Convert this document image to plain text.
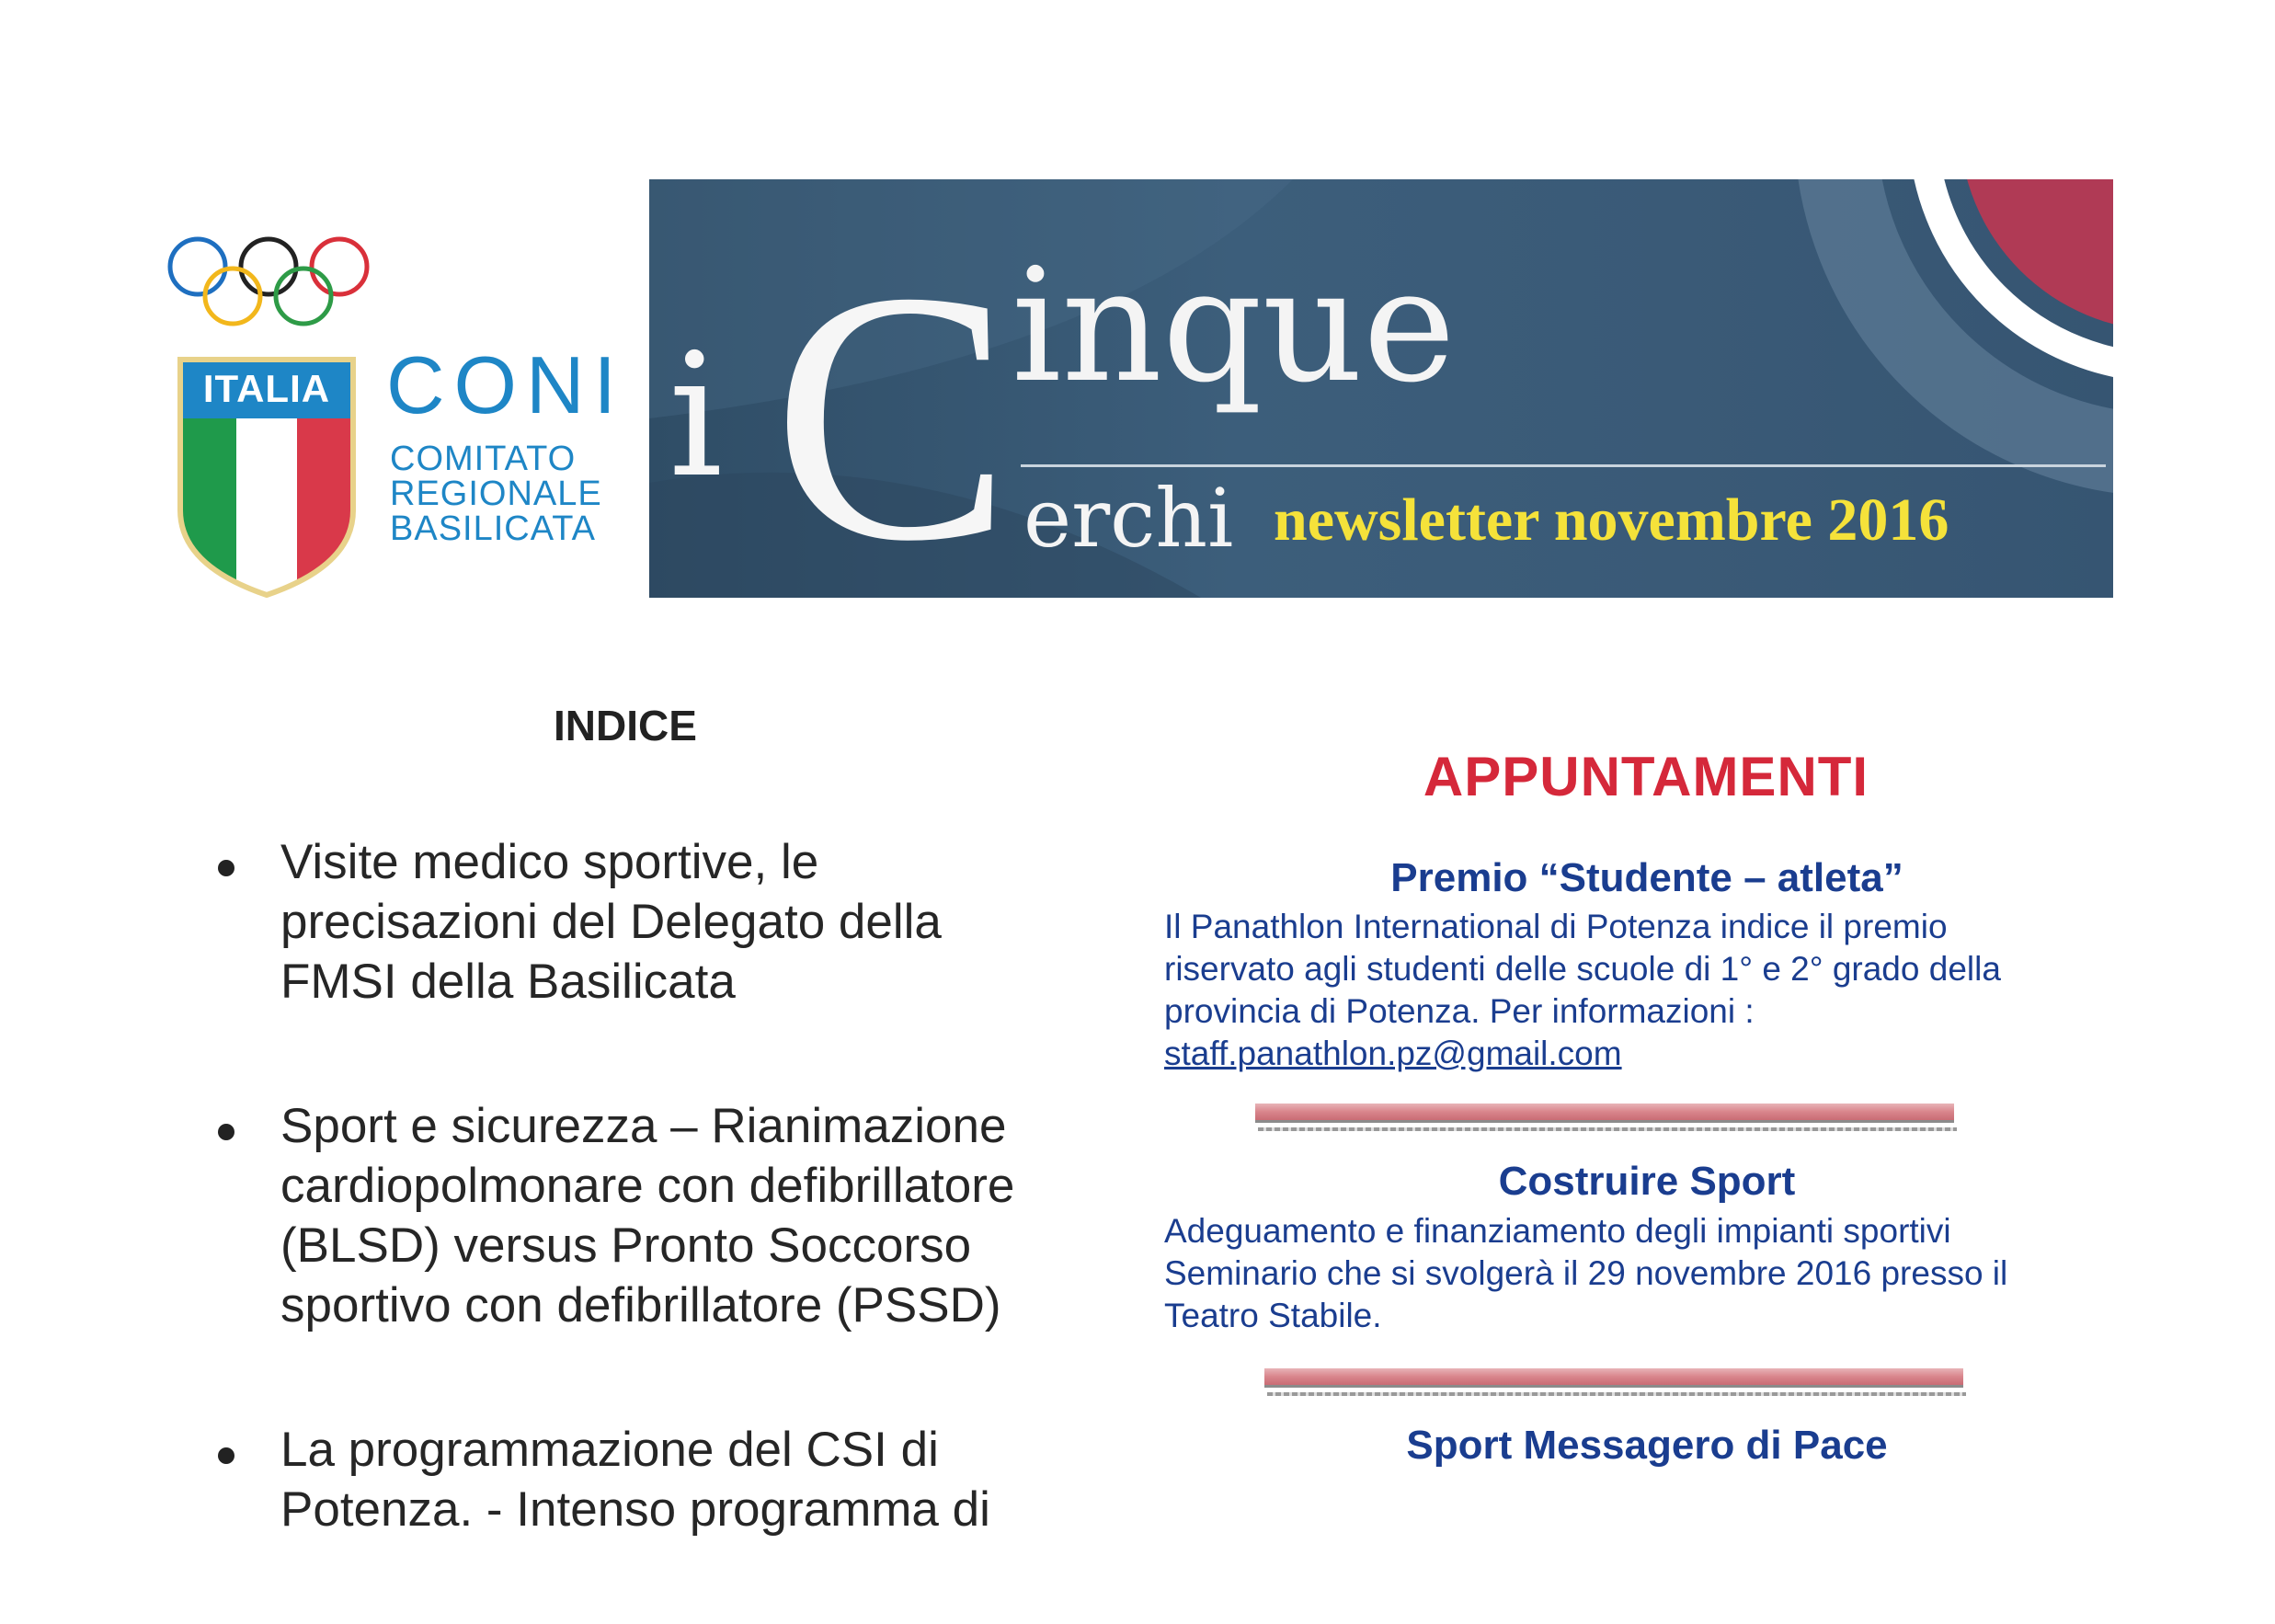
ITALIA CONI
COMITATO
REGIONALE
BASILICATA
i C inque
erchi newsletter novembre 2016
INDICE
Visite medico sportive, le
precisazioni del Delegato della
FMSI della Basilicata
Sport e sicurezza – Rianimazione
cardiopolmonare con defibrillatore
(BLSD) versus Pronto Soccorso
sportivo con defibrillatore (PSSD)
La programmazione del CSI di
Potenza. - Intenso programma di
APPUNTAMENTI
Premio “Studente – atleta”
Il Panathlon International di Potenza indice il premio
riservato agli studenti delle scuole di 1° e 2° grado della
provincia di Potenza. Per informazioni :
staff.panathlon.pz@gmail.com
Costruire Sport
Adeguamento e finanziamento degli impianti sportivi
Seminario che si svolgerà il 29 novembre 2016 presso il
Teatro Stabile.
Sport Messagero di Pace
